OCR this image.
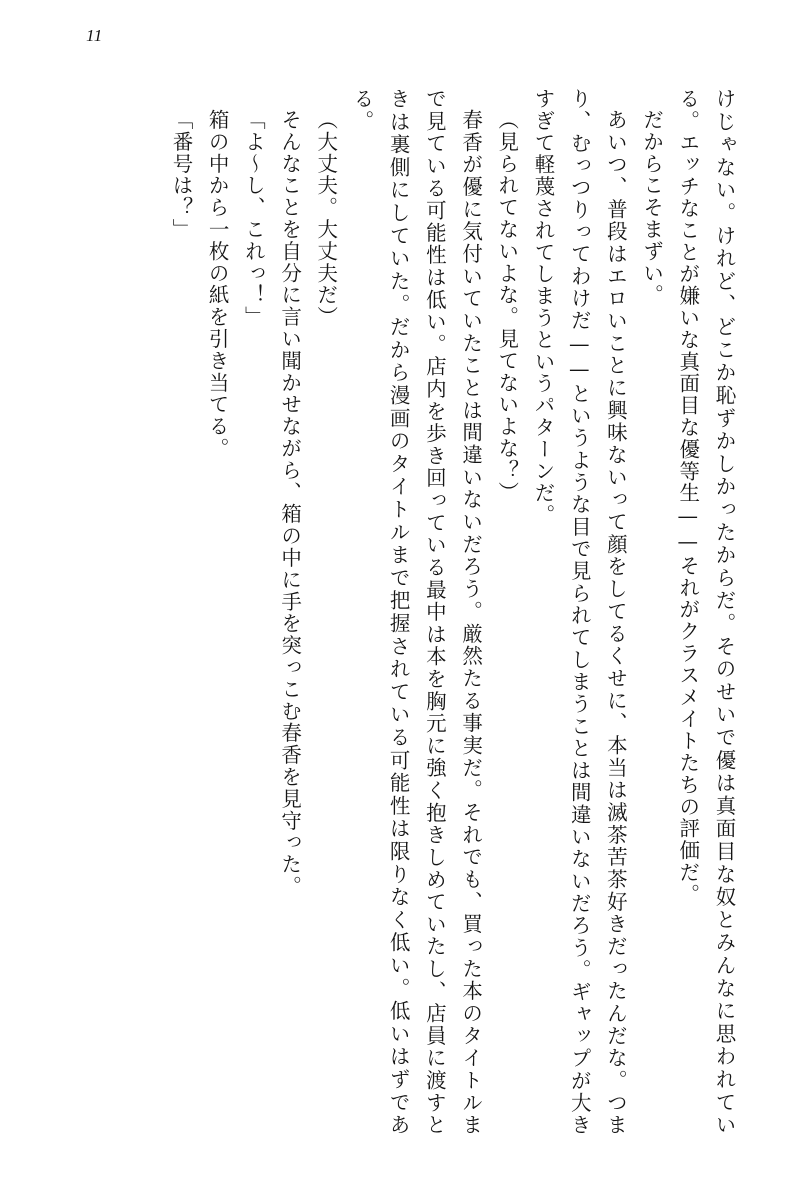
11

けじゃない。けれど、どこか恥ずかしかったからだ。そのせいで優は真面目な奴とみんなに思われている。エッチなことが嫌いな真面目な優等生——それがクラスメイトたちの評価だ。

だからこそまずい。

あいつ、普段はエロいことに興味ないって顔をしてるくせに、本当は滅茶苦茶好きだったんだな。つまり、むっつりってわけだ——というような目で見られてしまうことは間違いないだろう。ギャップが大きすぎて軽蔑されてしまうというパターンだ。

（見られてないよな。見てないよな？）

春香が優に気付いていたことは間違いないだろう。厳然たる事実だ。それでも、買った本のタイトルまで見ている可能性は低い。店内を歩き回っている最中は本を胸元に強く抱きしめていたし、店員に渡すときは裏側にしていた。だから漫画のタイトルまで把握されている可能性は限りなく低い。低いはずである。

（大丈夫。大丈夫だ）

そんなことを自分に言い聞かせながら、箱の中に手を突っこむ春香を見守った。

「よ～し、これっ！」

箱の中から一枚の紙を引き当てる。

「番号は？」
